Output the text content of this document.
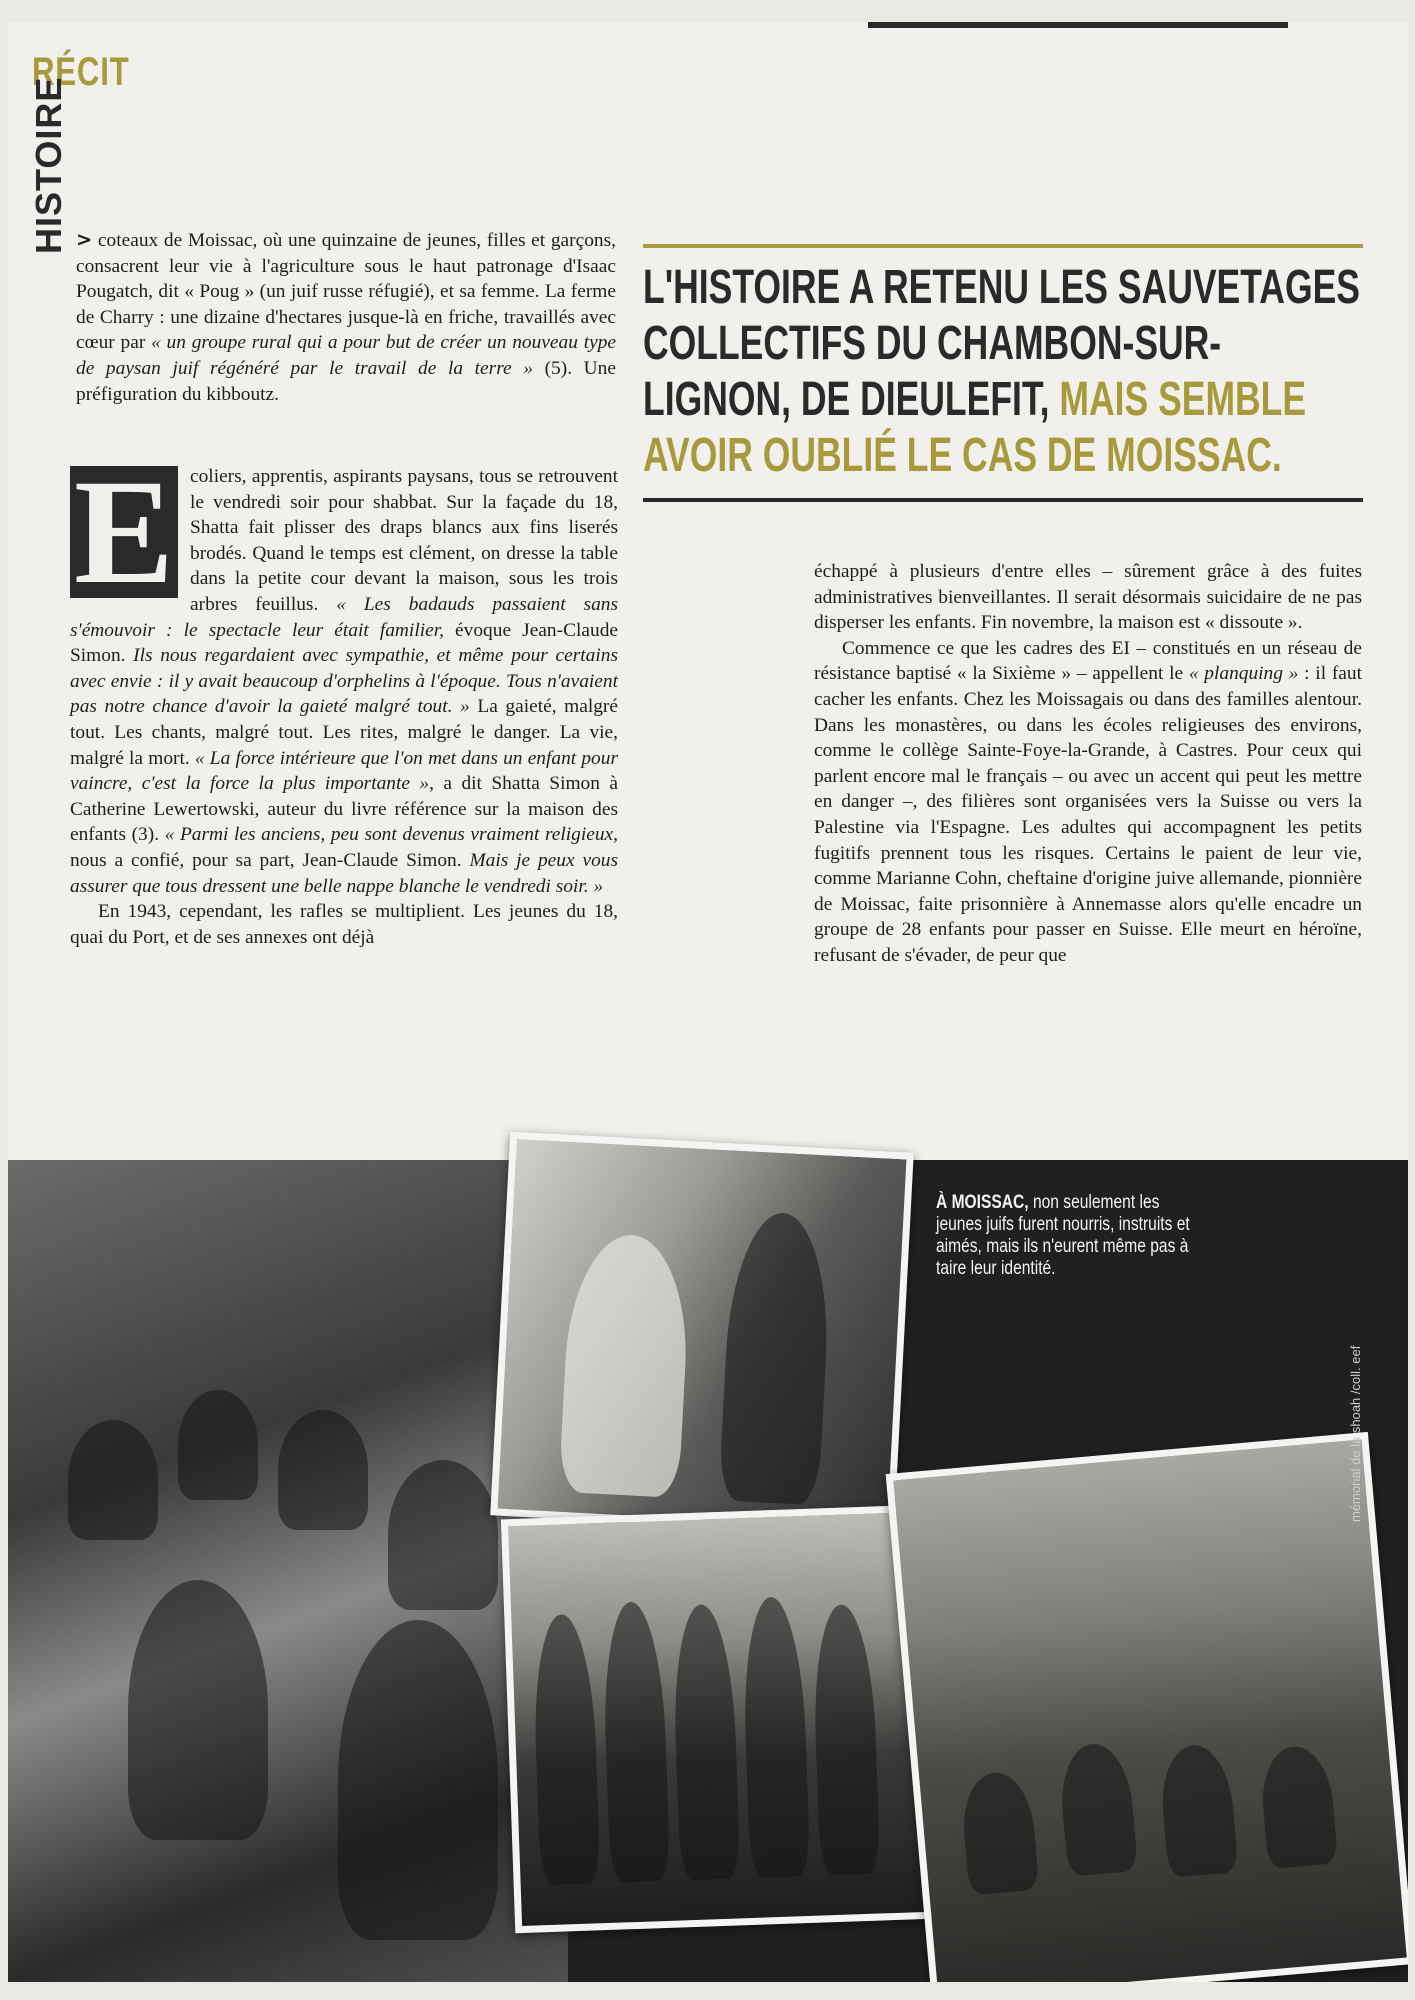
RÉCIT
HISTOIRE > coteaux de Moissac, où une quinzaine de jeunes, filles et garçons, consacrent leur vie à l'agriculture sous le haut patronage d'Isaac Pougatch, dit « Poug » (un juif russe réfugié), et sa femme. La ferme de Charry : une dizaine d'hectares jusque-là en friche, travaillés avec cœur par « un groupe rural qui a pour but de créer un nouveau type de paysan juif régénéré par le travail de la terre » (5). Une préfiguration du kibboutz.

E coliers, apprentis, aspirants paysans, tous se retrouvent le vendredi soir pour shabbat. Sur la façade du 18, Shatta fait plisser des draps blancs aux fins liserés brodés. Quand le temps est clément, on dresse la table dans la petite cour devant la maison, sous les trois arbres feuillus. « Les badauds passaient sans s'émouvoir : le spectacle leur était familier, évoque Jean-Claude Simon. Ils nous regardaient avec sympathie, et même pour certains avec envie : il y avait beaucoup d'orphelins à l'époque. Tous n'avaient pas notre chance d'avoir la gaieté malgré tout. » La gaieté, malgré tout. Les chants, malgré tout. Les rites, malgré le danger. La vie, malgré la mort. « La force intérieure que l'on met dans un enfant pour vaincre, c'est la force la plus importante », a dit Shatta Simon à Catherine Lewertowski, auteur du livre référence sur la maison des enfants (3). « Parmi les anciens, peu sont devenus vraiment religieux, nous a confié, pour sa part, Jean-Claude Simon. Mais je peux vous assurer que tous dressent une belle nappe blanche le vendredi soir. »

En 1943, cependant, les rafles se multiplient. Les jeunes du 18, quai du Port, et de ses annexes ont déjà

L'HISTOIRE A RETENU LES SAUVETAGES COLLECTIFS DU CHAMBON-SUR-LIGNON, DE DIEULEFIT, MAIS SEMBLE AVOIR OUBLIÉ LE CAS DE MOISSAC.

échappé à plusieurs d'entre elles – sûrement grâce à des fuites administratives bienveillantes. Il serait désormais suicidaire de ne pas disperser les enfants. Fin novembre, la maison est « dissoute ».

Commence ce que les cadres des EI – constitués en un réseau de résistance baptisé « la Sixième » – appellent le « planquing » : il faut cacher les enfants. Chez les Moissagais ou dans des familles alentour. Dans les monastères, ou dans les écoles religieuses des environs, comme le collège Sainte-Foye-la-Grande, à Castres. Pour ceux qui parlent encore mal le français – ou avec un accent qui peut les mettre en danger –, des filières sont organisées vers la Suisse ou vers la Palestine via l'Espagne. Les adultes qui accompagnent les petits fugitifs prennent tous les risques. Certains le paient de leur vie, comme Marianne Cohn, cheftaine d'origine juive allemande, pionnière de Moissac, faite prisonnière à Annemasse alors qu'elle encadre un groupe de 28 enfants pour passer en Suisse. Elle meurt en héroïne, refusant de s'évader, de peur que

À MOISSAC, non seulement les jeunes juifs furent nourris, instruits et aimés, mais ils n'eurent même pas à taire leur identité.
mémorial de la shoah /coll. eef
